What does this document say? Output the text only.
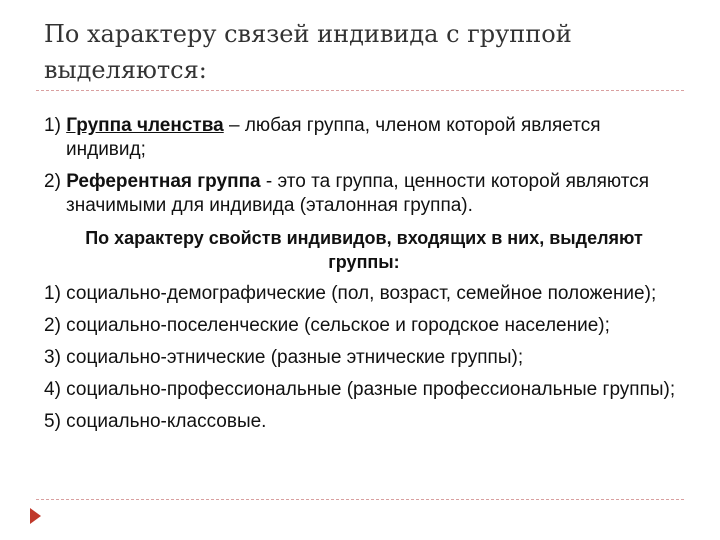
По характеру связей индивида с группой выделяются:
1) Группа членства – любая группа, членом которой является индивид;
2) Референтная группа - это та группа, ценности которой являются значимыми для индивида (эталонная группа).
По характеру свойств индивидов, входящих в них, выделяют группы:
1) социально-демографические (пол, возраст, семейное положение);
2) социально-поселенческие (сельское и городское население);
3) социально-этнические (разные этнические группы);
4) социально-профессиональные (разные профессиональные группы);
5) социально-классовые.
